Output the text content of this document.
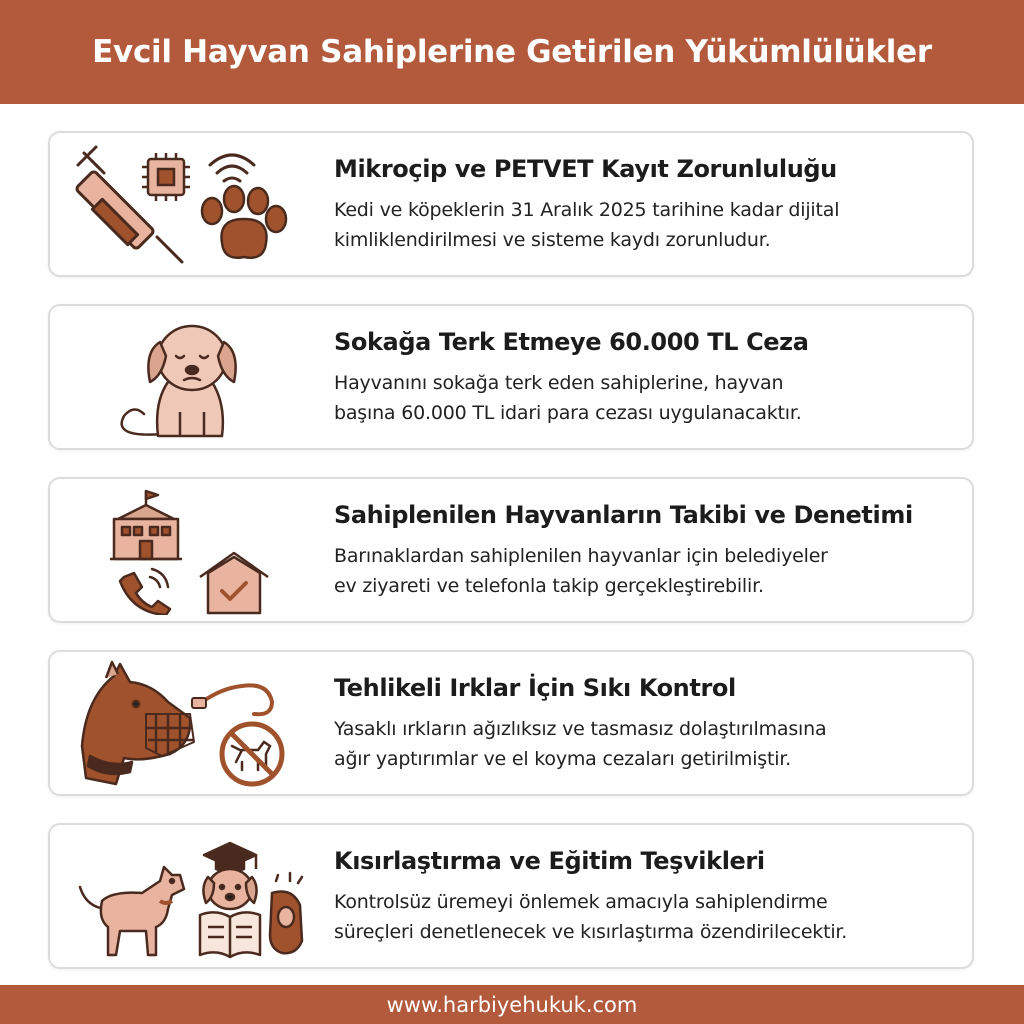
Evcil Hayvan Sahiplerine Getirilen Yükümlülükler

Mikroçip ve PETVET Kayıt Zorunluluğu

Kedi ve köpeklerin 31 Aralık 2025 tarihine kadar dijital
kimliklendirilmesi ve sisteme kaydı zorunludur.

Sokağa Terk Etmeye 60.000 TL Ceza

Hayvanını sokağa terk eden sahiplerine, hayvan
başına 60.000 TL idari para cezası uygulanacaktır.

Sahiplenilen Hayvanların Takibi ve Denetimi

Barınaklardan sahiplenilen hayvanlar için belediyeler
ev ziyareti ve telefonla takip gerçekleştirebilir.

Tehlikeli Irklar İçin Sıkı Kontrol

Yasaklı ırkların ağızlıksız ve tasmasız dolaştırılmasına
ağır yaptırımlar ve el koyma cezaları getirilmiştir.

Kısırlaştırma ve Eğitim Teşvikleri

Kontrolsüz üremeyi önlemek amacıyla sahiplendirme
süreçleri denetlenecek ve kısırlaştırma özendirilecektir.

www.harbiyehukuk.com
